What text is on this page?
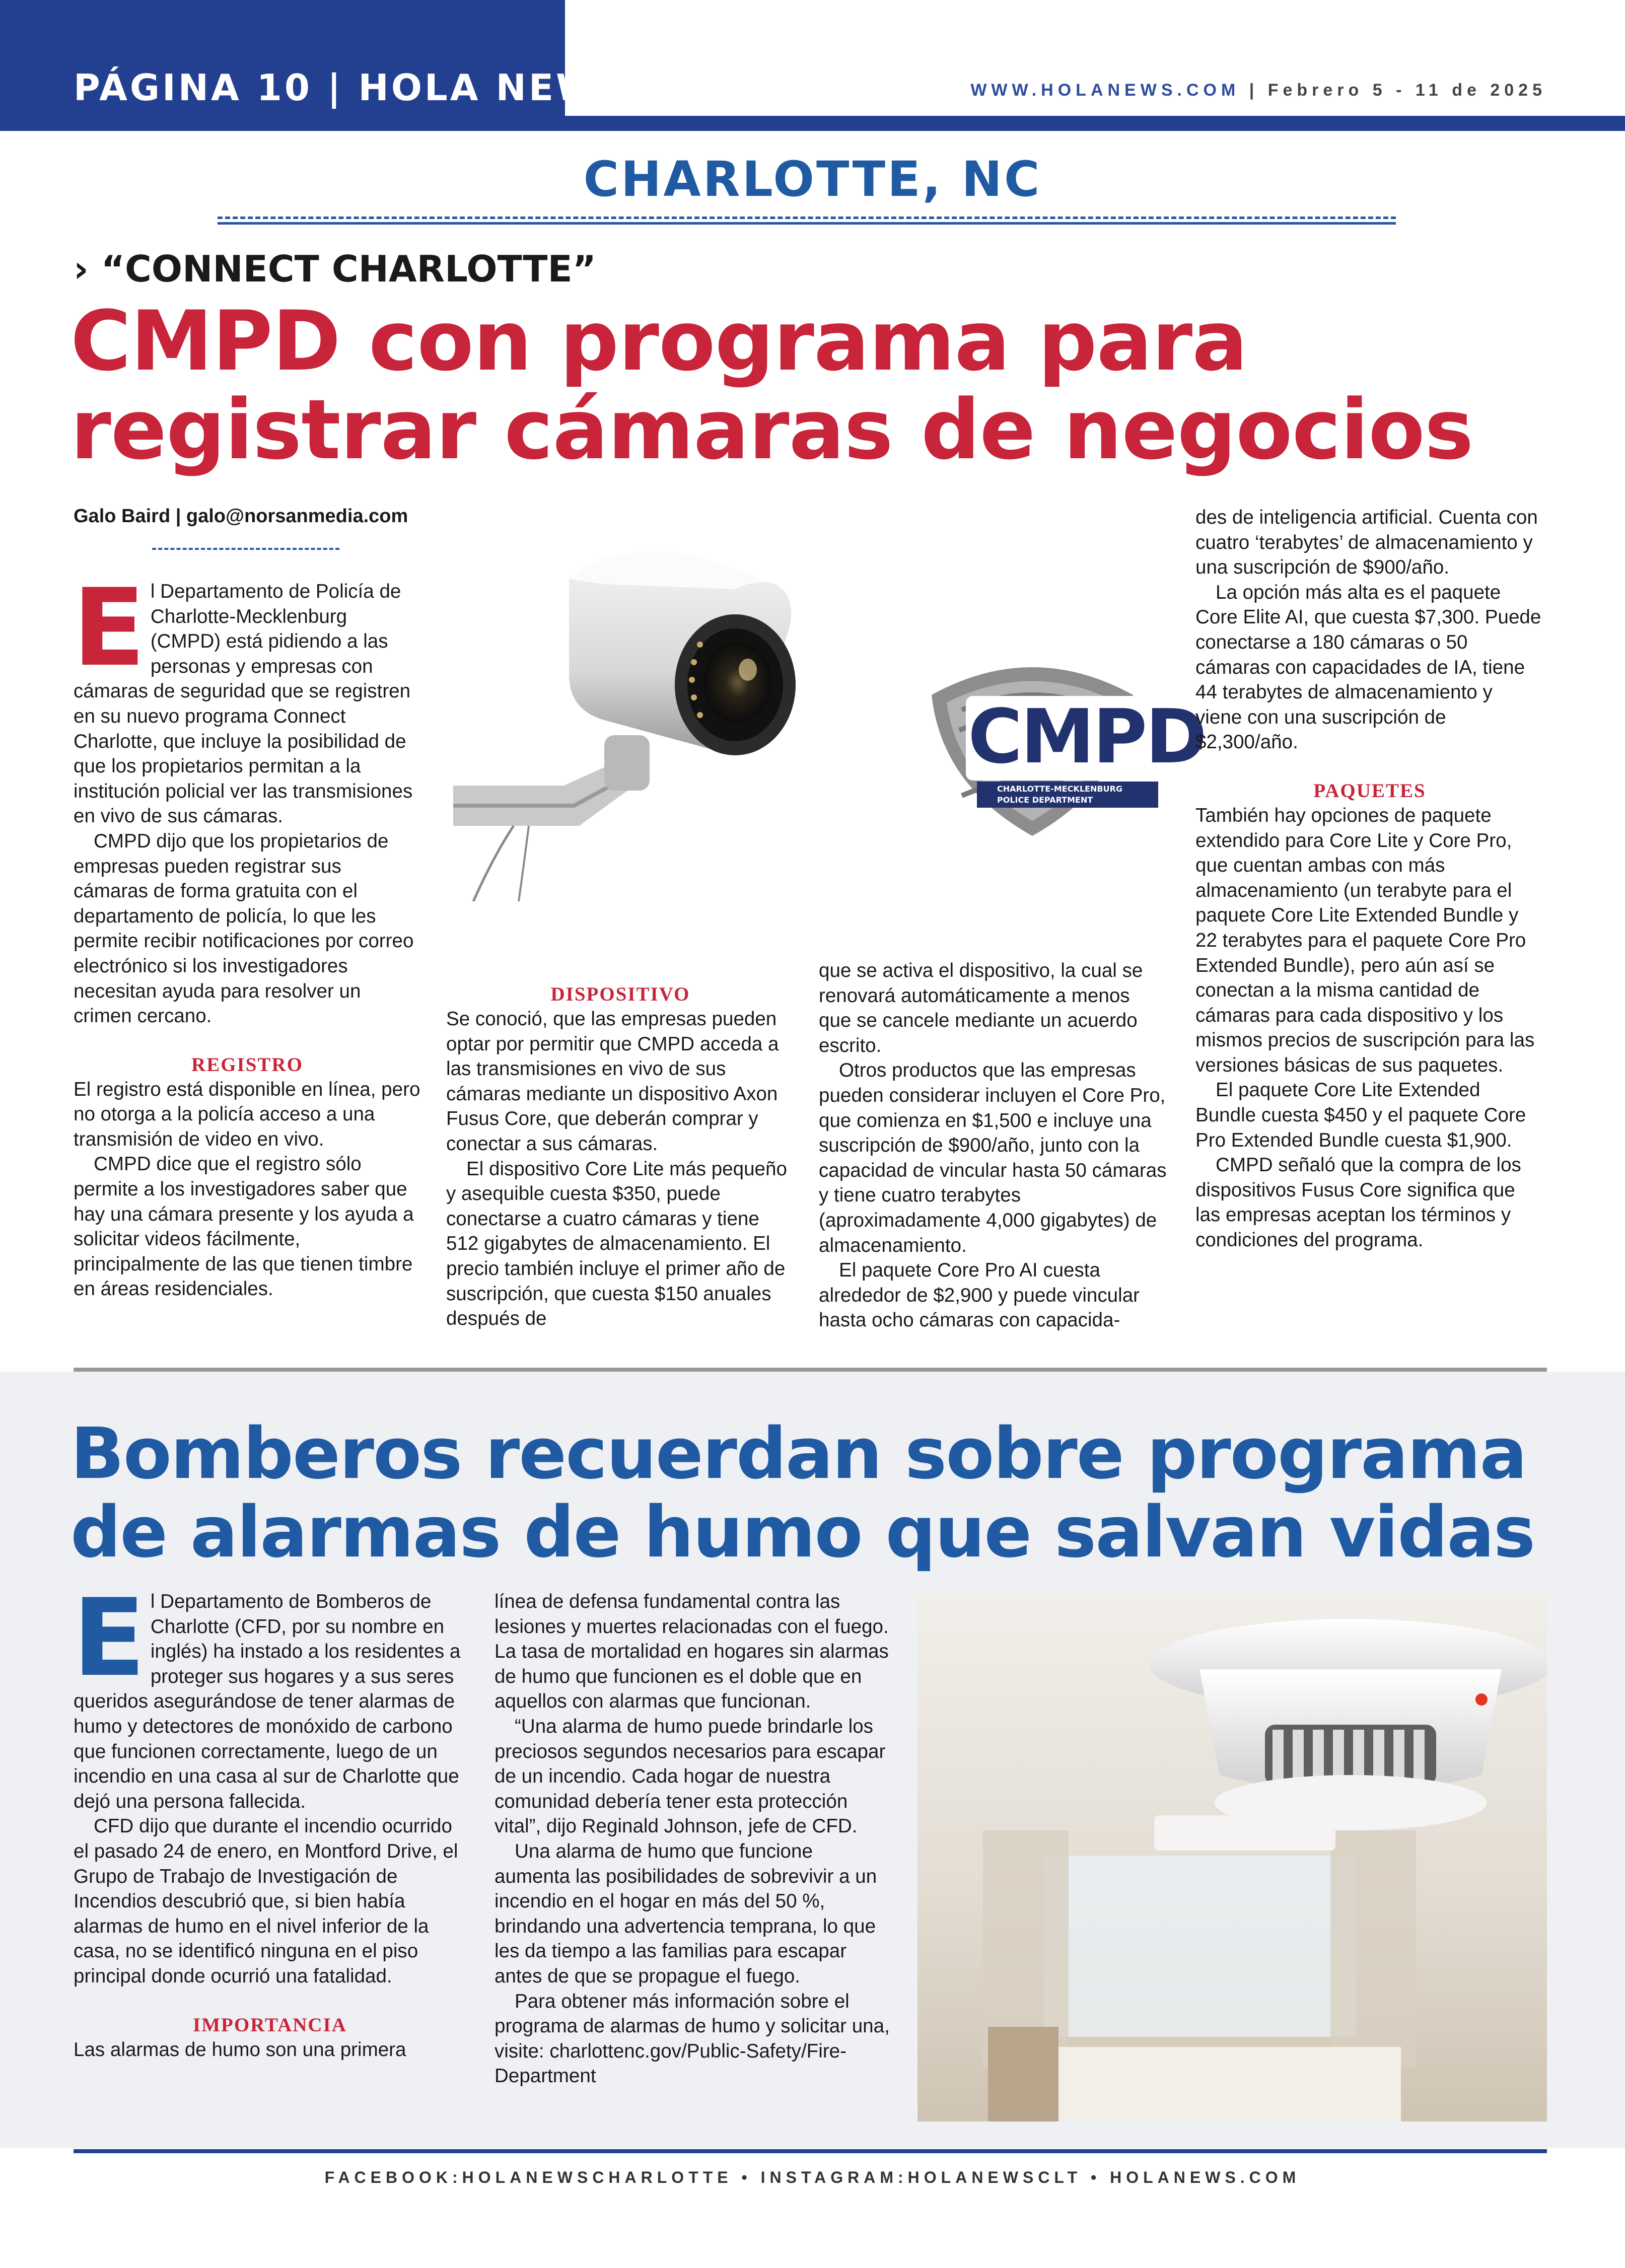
PÁGINA 10 | HOLA NEWS	WWW.HOLANEWS.COM | Febrero 5 - 11 de 2025
CHARLOTTE, NC
› “CONNECT CHARLOTTE”
CMPD con programa para registrar cámaras de negocios
Galo Baird | galo@norsanmedia.com

El Departamento de Policía de Charlotte-Mecklenburg (CMPD) está pidiendo a las personas y empresas con cámaras de seguridad que se registren en su nuevo programa Connect Charlotte, que incluye la posibilidad de que los propietarios permitan a la institución policial ver las transmisiones en vivo de sus cámaras.

CMPD dijo que los propietarios de empresas pueden registrar sus cámaras de forma gratuita con el departamento de policía, lo que les permite recibir notificaciones por correo electrónico si los investigadores necesitan ayuda para resolver un crimen cercano.

REGISTRO

El registro está disponible en línea, pero no otorga a la policía acceso a una transmisión de video en vivo.

CMPD dice que el registro sólo permite a los investigadores saber que hay una cámara presente y los ayuda a solicitar videos fácilmente, principalmente de las que tienen timbre en áreas residenciales.

CMPD
CHARLOTTE-MECKLENBURG
POLICE DEPARTMENT
DISPOSITIVO

Se conoció, que las empresas pueden optar por permitir que CMPD acceda a las transmisiones en vivo de sus cámaras mediante un dispositivo Axon Fusus Core, que deberán comprar y conectar a sus cámaras.

El dispositivo Core Lite más pequeño y asequible cuesta $350, puede conectarse a cuatro cámaras y tiene 512 gigabytes de almacenamiento. El precio también incluye el primer año de suscripción, que cuesta $150 anuales después de

que se activa el dispositivo, la cual se renovará automáticamente a menos que se cancele mediante un acuerdo escrito.

Otros productos que las empresas pueden considerar incluyen el Core Pro, que comienza en $1,500 e incluye una suscripción de $900/año, junto con la capacidad de vincular hasta 50 cámaras y tiene cuatro terabytes (aproximadamente 4,000 gigabytes) de almacenamiento.

El paquete Core Pro AI cuesta alrededor de $2,900 y puede vincular hasta ocho cámaras con capacida-

des de inteligencia artificial. Cuenta con cuatro ‘terabytes’ de almacenamiento y una suscripción de $900/año.

La opción más alta es el paquete Core Elite AI, que cuesta $7,300. Puede conectarse a 180 cámaras o 50 cámaras con capacidades de IA, tiene 44 terabytes de almacenamiento y viene con una suscripción de $2,300/año.

PAQUETES

También hay opciones de paquete extendido para Core Lite y Core Pro, que cuentan ambas con más almacenamiento (un terabyte para el paquete Core Lite Extended Bundle y 22 terabytes para el paquete Core Pro Extended Bundle), pero aún así se conectan a la misma cantidad de cámaras para cada dispositivo y los mismos precios de suscripción para las versiones básicas de sus paquetes.

El paquete Core Lite Extended Bundle cuesta $450 y el paquete Core Pro Extended Bundle cuesta $1,900.

CMPD señaló que la compra de los dispositivos Fusus Core significa que las empresas aceptan los términos y condiciones del programa.

Bomberos recuerdan sobre programa de alarmas de humo que salvan vidas

El Departamento de Bomberos de Charlotte (CFD, por su nombre en inglés) ha instado a los residentes a proteger sus hogares y a sus seres queridos asegurándose de tener alarmas de humo y detectores de monóxido de carbono que funcionen correctamente, luego de un incendio en una casa al sur de Charlotte que dejó una persona fallecida.

CFD dijo que durante el incendio ocurrido el pasado 24 de enero, en Montford Drive, el Grupo de Trabajo de Investigación de Incendios descubrió que, si bien había alarmas de humo en el nivel inferior de la casa, no se identificó ninguna en el piso principal donde ocurrió una fatalidad.

IMPORTANCIA

Las alarmas de humo son una primera

línea de defensa fundamental contra las lesiones y muertes relacionadas con el fuego. La tasa de mortalidad en hogares sin alarmas de humo que funcionen es el doble que en aquellos con alarmas que funcionan.

“Una alarma de humo puede brindarle los preciosos segundos necesarios para escapar de un incendio. Cada hogar de nuestra comunidad debería tener esta protección vital”, dijo Reginald Johnson, jefe de CFD.

Una alarma de humo que funcione aumenta las posibilidades de sobrevivir a un incendio en el hogar en más del 50 %, brindando una advertencia temprana, lo que les da tiempo a las familias para escapar antes de que se propague el fuego.

Para obtener más información sobre el programa de alarmas de humo y solicitar una, visite: charlottenc.gov/Public-Safety/Fire-Department

FACEBOOK:HOLANEWSCHARLOTTE • INSTAGRAM:HOLANEWSCLT • HOLANEWS.COM
